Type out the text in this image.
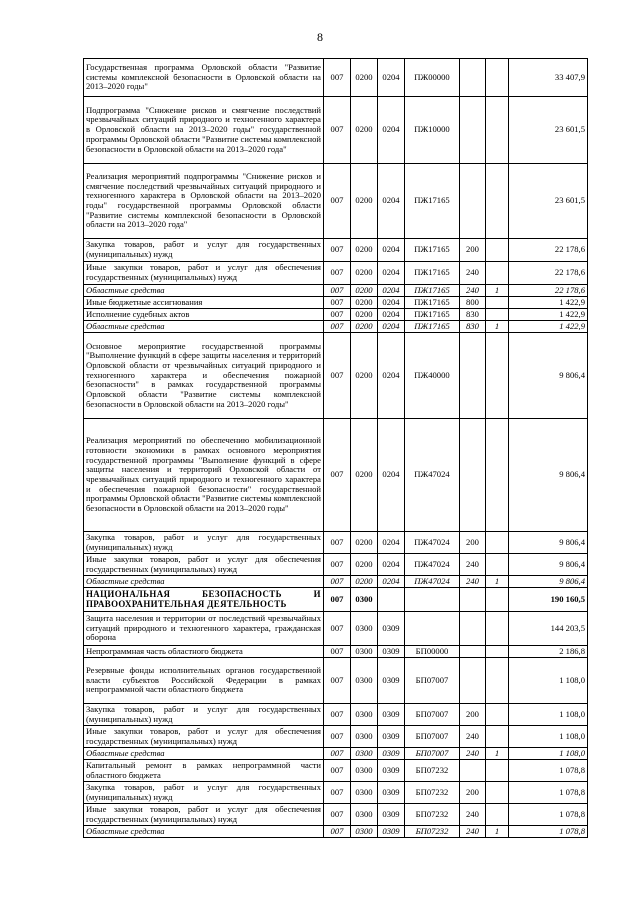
8
Государственная программа Орловской области "Развитие системы комплексной безопасности в Орловской области на 2013–2020 годы"	007	0200	0204	ПЖ00000			33 407,9
Подпрограмма "Снижение рисков и смягчение последствий чрезвычайных ситуаций природного и техногенного характера в Орловской области на 2013–2020 годы" государственной программы Орловской области "Развитие системы комплексной безопасности в Орловской области на 2013–2020 года"	007	0200	0204	ПЖ10000			23 601,5
Реализация мероприятий подпрограммы "Снижение рисков и смягчение последствий чрезвычайных ситуаций природного и техногенного характера в Орловской области на 2013–2020 годы" государственной программы Орловской области "Развитие системы комплексной безопасности в Орловской области на 2013–2020 года"	007	0200	0204	ПЖ17165			23 601,5
Закупка товаров, работ и услуг для государственных (муниципальных) нужд	007	0200	0204	ПЖ17165	200		22 178,6
Иные закупки товаров, работ и услуг для обеспечения государственных (муниципальных) нужд	007	0200	0204	ПЖ17165	240		22 178,6
Областные средства	007	0200	0204	ПЖ17165	240	1	22 178,6
Иные бюджетные ассигнования	007	0200	0204	ПЖ17165	800		1 422,9
Исполнение судебных актов	007	0200	0204	ПЖ17165	830		1 422,9
Областные средства	007	0200	0204	ПЖ17165	830	1	1 422,9
Основное мероприятие государственной программы "Выполнение функций в сфере защиты населения и территорий Орловской области от чрезвычайных ситуаций природного и техногенного характера и обеспечения пожарной безопасности" в рамках государственной программы Орловской области "Развитие системы комплексной безопасности в Орловской области на 2013–2020 годы"	007	0200	0204	ПЖ40000			9 806,4
Реализация мероприятий по обеспечению мобилизационной готовности экономики в рамках основного мероприятия государственной программы "Выполнение функций в сфере защиты населения и территорий Орловской области от чрезвычайных ситуаций природного и техногенного характера и обеспечения пожарной безопасности" государственной программы Орловской области "Развитие системы комплексной безопасности в Орловской области на 2013–2020 годы"	007	0200	0204	ПЖ47024			9 806,4
Закупка товаров, работ и услуг для государственных (муниципальных) нужд	007	0200	0204	ПЖ47024	200		9 806,4
Иные закупки товаров, работ и услуг для обеспечения государственных (муниципальных) нужд	007	0200	0204	ПЖ47024	240		9 806,4
Областные средства	007	0200	0204	ПЖ47024	240	1	9 806,4
НАЦИОНАЛЬНАЯ БЕЗОПАСНОСТЬ И ПРАВООХРАНИТЕЛЬНАЯ ДЕЯТЕЛЬНОСТЬ	007	0300					190 160,5
Защита населения и территории от последствий чрезвычайных ситуаций природного и техногенного характера, гражданская оборона	007	0300	0309				144 203,5
Непрограммная часть областного бюджета	007	0300	0309	БП00000			2 186,8
Резервные фонды исполнительных органов государственной власти субъектов Российской Федерации в рамках непрограммной части областного бюджета	007	0300	0309	БП07007			1 108,0
Закупка товаров, работ и услуг для государственных (муниципальных) нужд	007	0300	0309	БП07007	200		1 108,0
Иные закупки товаров, работ и услуг для обеспечения государственных (муниципальных) нужд	007	0300	0309	БП07007	240		1 108,0
Областные средства	007	0300	0309	БП07007	240	1	1 108,0
Капитальный ремонт в рамках непрограммной части областного бюджета	007	0300	0309	БП07232			1 078,8
Закупка товаров, работ и услуг для государственных (муниципальных) нужд	007	0300	0309	БП07232	200		1 078,8
Иные закупки товаров, работ и услуг для обеспечения государственных (муниципальных) нужд	007	0300	0309	БП07232	240		1 078,8
Областные средства	007	0300	0309	БП07232	240	1	1 078,8
